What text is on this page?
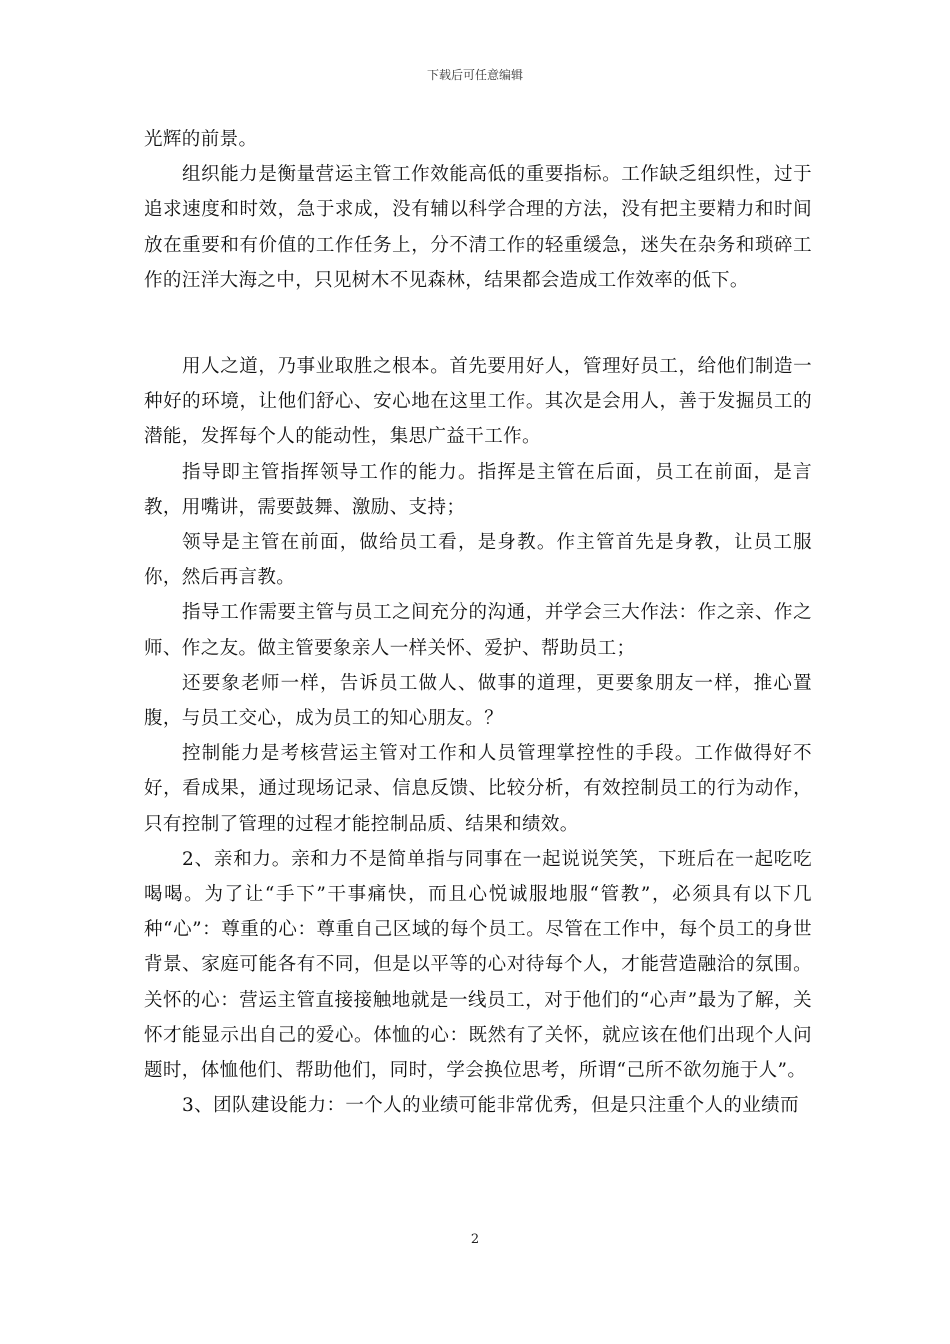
下载后可任意编辑

光辉的前景。

组织能力是衡量营运主管工作效能高低的重要指标。工作缺乏组织性，过于追求速度和时效，急于求成，没有辅以科学合理的方法，没有把主要精力和时间放在重要和有价值的工作任务上，分不清工作的轻重缓急，迷失在杂务和琐碎工作的汪洋大海之中，只见树木不见森林，结果都会造成工作效率的低下。

用人之道，乃事业取胜之根本。首先要用好人，管理好员工，给他们制造一种好的环境，让他们舒心、安心地在这里工作。其次是会用人，善于发掘员工的潜能，发挥每个人的能动性，集思广益干工作。

指导即主管指挥领导工作的能力。指挥是主管在后面，员工在前面，是言教，用嘴讲，需要鼓舞、激励、支持；

领导是主管在前面，做给员工看，是身教。作主管首先是身教，让员工服你，然后再言教。

指导工作需要主管与员工之间充分的沟通，并学会三大作法：作之亲、作之师、作之友。做主管要象亲人一样关怀、爱护、帮助员工；

还要象老师一样，告诉员工做人、做事的道理，更要象朋友一样，推心置腹，与员工交心，成为员工的知心朋友。？

控制能力是考核营运主管对工作和人员管理掌控性的手段。工作做得好不好，看成果，通过现场记录、信息反馈、比较分析，有效控制员工的行为动作，只有控制了管理的过程才能控制品质、结果和绩效。

2、亲和力。亲和力不是简单指与同事在一起说说笑笑，下班后在一起吃吃喝喝。为了让“手下”干事痛快，而且心悦诚服地服“管教”，必须具有以下几种“心”：尊重的心：尊重自己区域的每个员工。尽管在工作中，每个员工的身世背景、家庭可能各有不同，但是以平等的心对待每个人，才能营造融洽的氛围。关怀的心：营运主管直接接触地就是一线员工，对于他们的“心声”最为了解，关怀才能显示出自己的爱心。体恤的心：既然有了关怀，就应该在他们出现个人问题时，体恤他们、帮助他们，同时，学会换位思考，所谓“己所不欲勿施于人”。

3、团队建设能力：一个人的业绩可能非常优秀，但是只注重个人的业绩而

2
